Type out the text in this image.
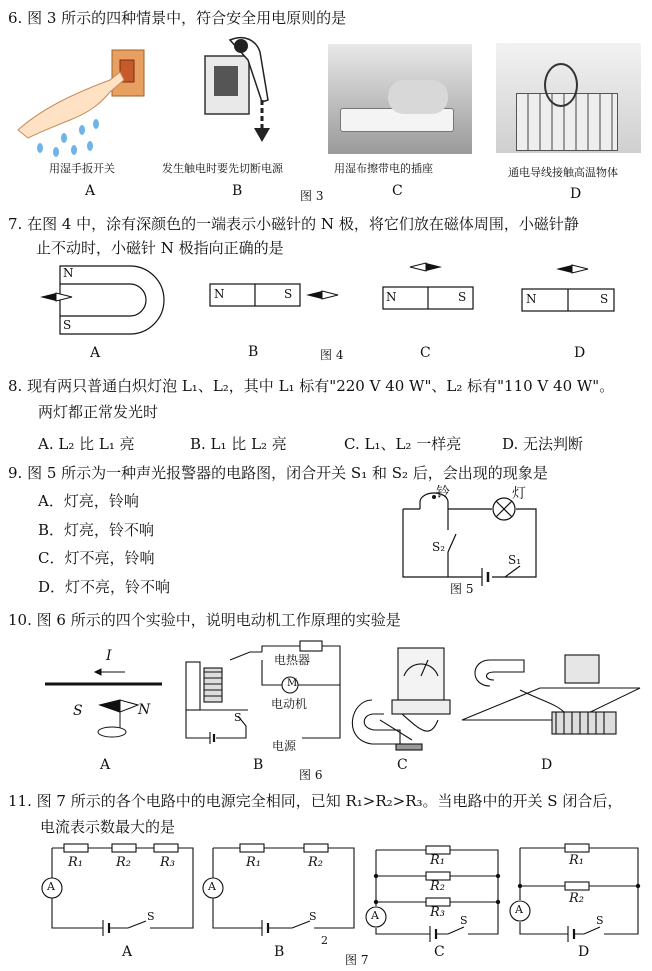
6. 图 3 所示的四种情景中，符合安全用电原则的是
用湿手扳开关	发生触电时要先切断电源	用湿布擦带电的插座	通电导线接触高温物体
A	B	图 3	C	D
7. 在图 4 中，涂有深颜色的一端表示小磁针的 N 极，将它们放在磁体周围，小磁针静
止不动时，小磁针 N 极指向正确的是
N
S
N	S	N	S	N	S
A	B	图 4	C	D
8. 现有两只普通白炽灯泡 L₁、L₂，其中 L₁ 标有"220 V 40 W"、L₂ 标有"110 V 40 W"。
两灯都正常发光时
A. L₂ 比 L₁ 亮	B. L₁ 比 L₂ 亮	C. L₁、L₂ 一样亮	D. 无法判断
9. 图 5 所示为一种声光报警器的电路图，闭合开关 S₁ 和 S₂ 后，会出现的现象是
A．灯亮，铃响
B．灯亮，铃不响
C．灯不亮，铃响
D．灯不亮，铃不响
铃	灯
S₂
S₁
图 5
10. 图 6 所示的四个实验中，说明电动机工作原理的实验是
I
S	N
电热器
M
电动机
电源
S
A	B
图 6
C	D
11. 图 7 所示的各个电路中的电源完全相同，已知 R₁>R₂>R₃。当电路中的开关 S 闭合后，
电流表示数最大的是
R₁	R₂ R₃
A
S
R₁	R₂
A
S
2
R₁
R₂
R₃
A	S
R₁
R₂
A
S
A	B	图 7	C	D
